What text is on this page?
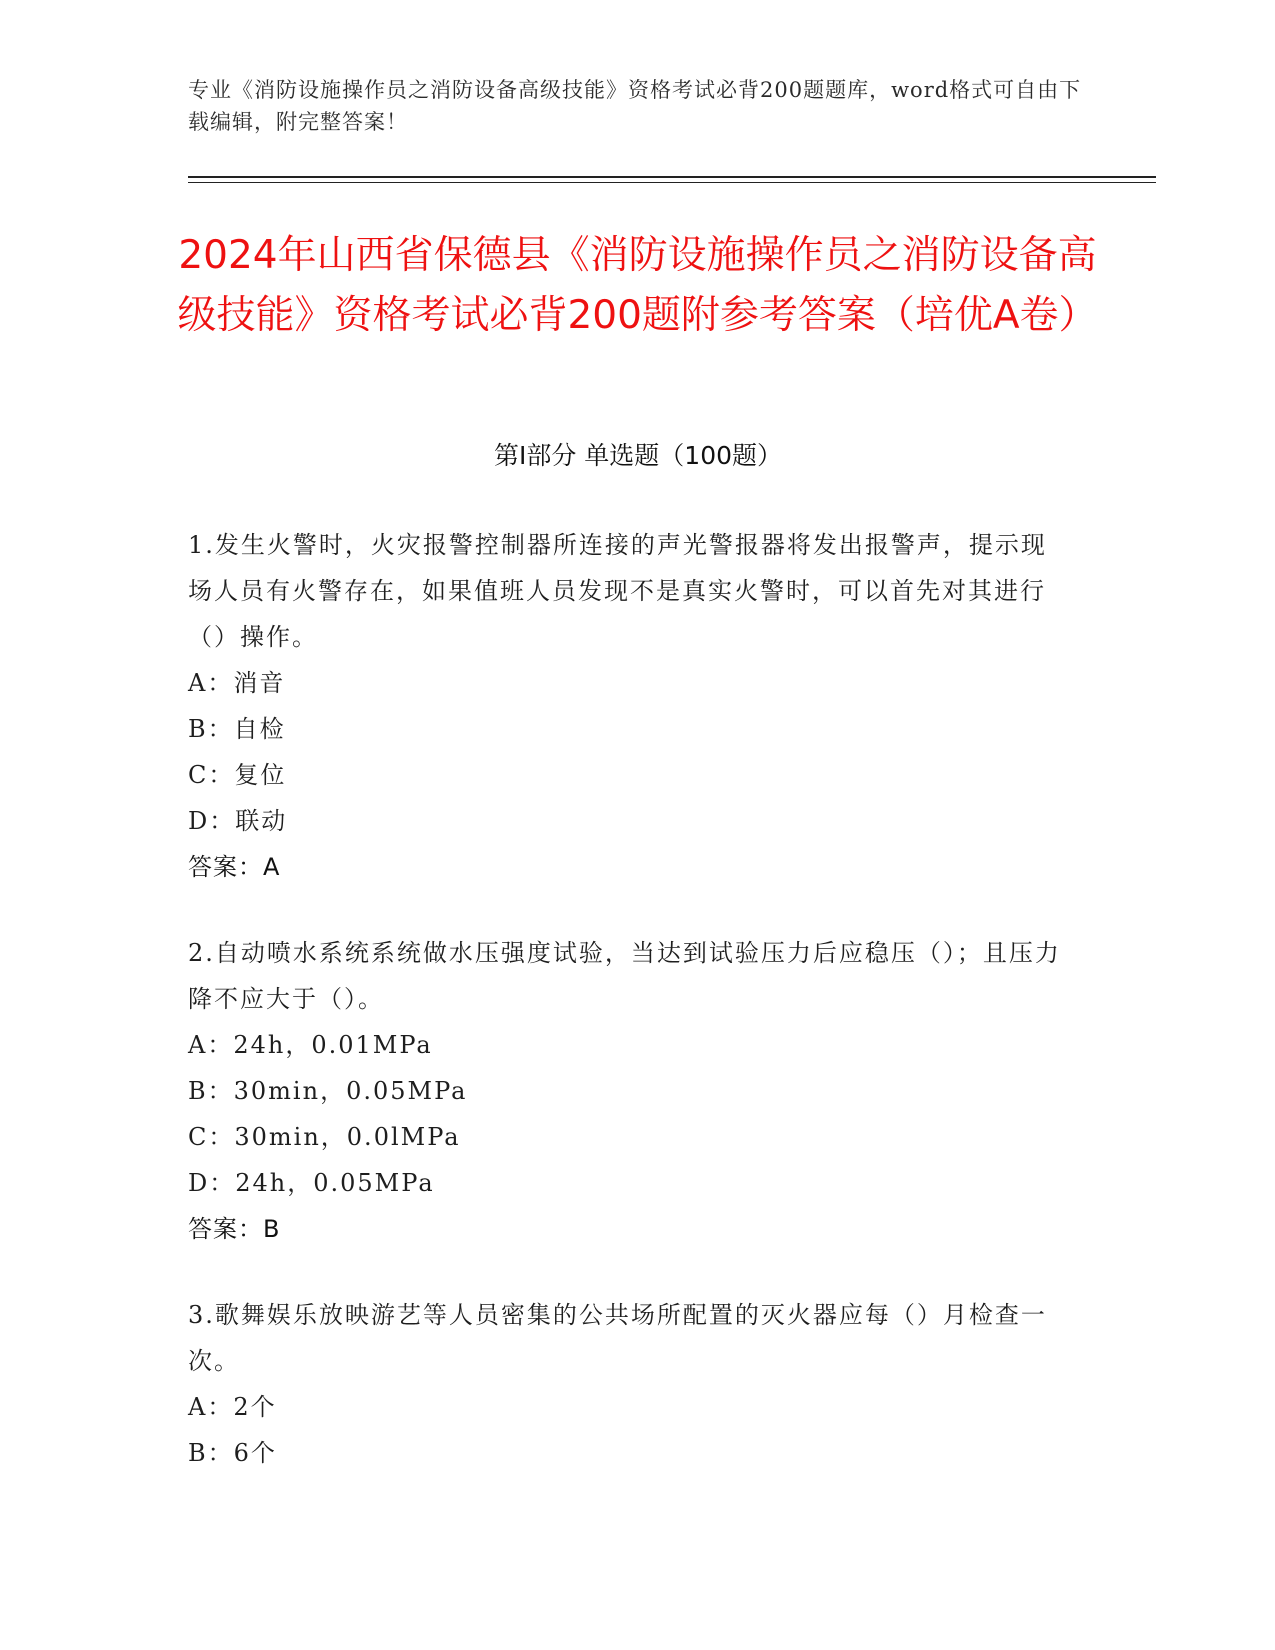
专业《消防设施操作员之消防设备高级技能》资格考试必背200题题库，word格式可自由下载编辑，附完整答案！
2024年山西省保德县《消防设施操作员之消防设备高级技能》资格考试必背200题附参考答案（培优A卷）
第Ⅰ部分 单选题（100题）
1.发生火警时，火灾报警控制器所连接的声光警报器将发出报警声，提示现场人员有火警存在，如果值班人员发现不是真实火警时，可以首先对其进行（）操作。
A：消音
B：自检
C：复位
D：联动
答案：A
2.自动喷水系统系统做水压强度试验，当达到试验压力后应稳压（）；且压力降不应大于（）。
A：24h，0.01MPa
B：30min，0.05MPa
C：30min，0.0lMPa
D：24h，0.05MPa
答案：B
3.歌舞娱乐放映游艺等人员密集的公共场所配置的灭火器应每（）月检查一次。
A：2个
B：6个
